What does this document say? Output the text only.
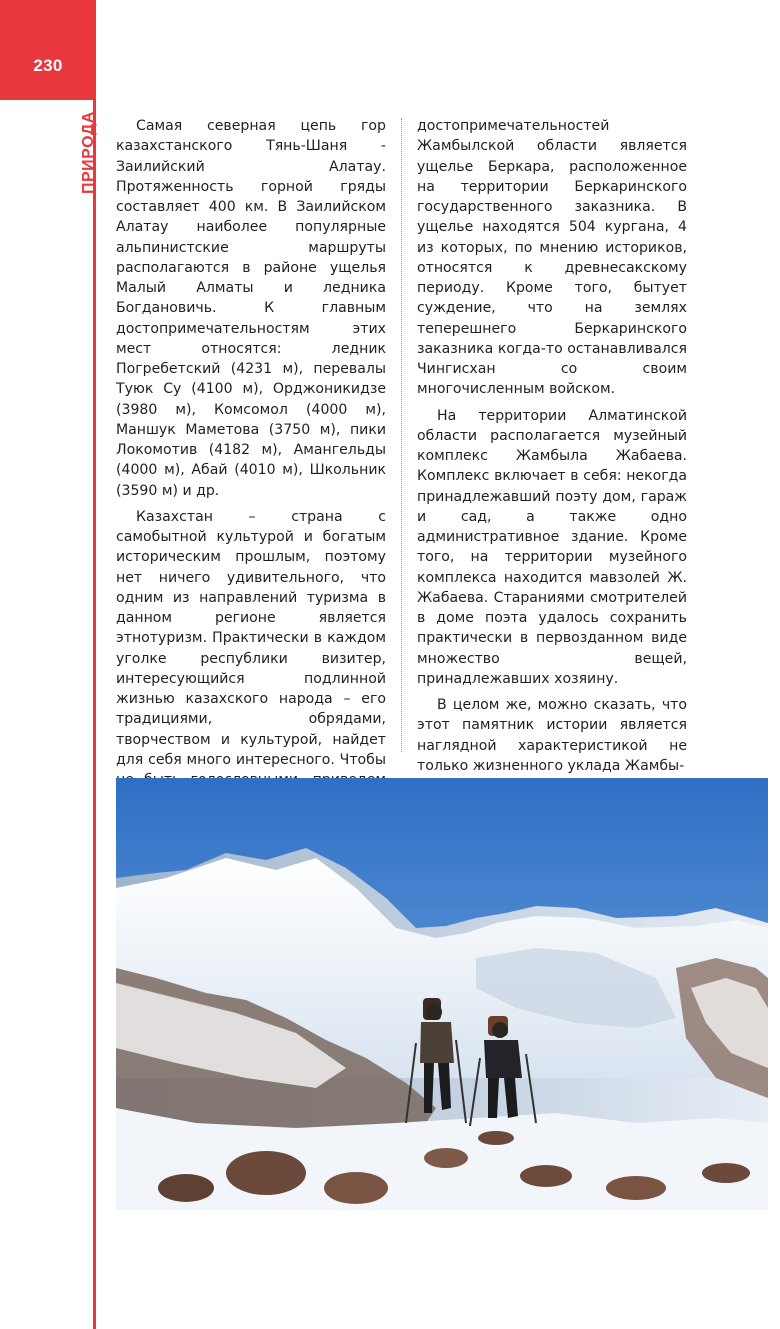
230
ПРИРОДА	Самая северная цепь гор казахстанского Тянь-Шаня - Заилийский Алатау. Протяженность горной гряды составляет 400 км. В Заилийском Алатау наиболее популярные альпинистские маршруты располагаются в районе ущелья Малый Алматы и ледника Богдановичь. К главным достопримечательностям этих мест относятся: ледник Погребетский (4231 м), перевалы Туюк Су (4100 м), Орджоникидзе (3980 м), Комсомол (4000 м), Маншук Маметова (3750 м), пики Локомотив (4182 м), Амангельды (4000 м), Абай (4010 м), Школьник (3590 м) и др.

Казахстан – страна с самобытной культурой и богатым историческим прошлым, поэтому нет ничего удивительного, что одним из направлений туризма в данном регионе является этнотуризм. Практически в каждом уголке республики визитер, интересующийся подлинной жизнью казахского народа – его традициями, обрядами, творчеством и культурой, найдет для себя много интересного. Чтобы

достопримечательностей Жамбылской области является ущелье Беркара, расположенное на территории Беркаринского государственного заказника. В ущелье находятся 504 кургана, 4 из которых, по мнению историков, относятся к древнесакскому периоду. Кроме того, бытует суждение, что на землях теперешнего Беркаринского заказника когда-то останавливался Чингисхан со своим многочисленным войском.

На территории Алматинской области располагается музейный комплекс Жамбыла Жабаева. Комплекс включает в себя: некогда принадлежавший поэту дом, гараж и сад, а также одно административное здание. Кроме того, на территории музейного комплекса находится мавзолей Ж. Жабаева. Стараниями смотрителей в доме поэта удалось сохранить практически в первозданном виде множество вещей, принадлежавших хозяину.

В целом же, можно сказать, что этот памятник истории является наглядной характеристикой не только жизненного уклада Жамбы-
